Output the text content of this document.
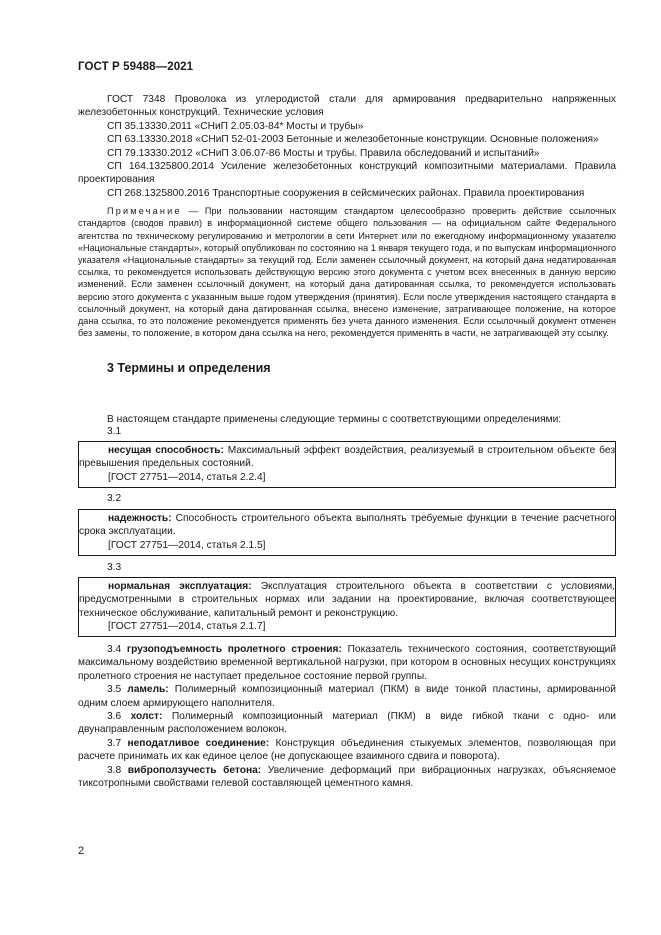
ГОСТ Р 59488—2021

ГОСТ 7348 Проволока из углеродистой стали для армирования предварительно напряженных железобетонных конструкций. Технические условия

СП 35.13330.2011 «СНиП 2.05.03-84* Мосты и трубы»

СП 63.13330.2018 «СНиП 52-01-2003 Бетонные и железобетонные конструкции. Основные положения»

СП 79.13330.2012 «СНиП 3.06.07-86 Мосты и трубы. Правила обследований и испытаний»

СП 164.1325800.2014 Усиление железобетонных конструкций композитными материалами. Правила проектирования

СП 268.1325800.2016 Транспортные сооружения в сейсмических районах. Правила проектирования

Примечание — При пользовании настоящим стандартом целесообразно проверить действие ссылочных стандартов (сводов правил) в информационной системе общего пользования — на официальном сайте Федерального агентства по техническому регулированию и метрологии в сети Интернет или по ежегодному информационному указателю «Национальные стандарты», который опубликован по состоянию на 1 января текущего года, и по выпускам информационного указателя «Национальные стандарты» за текущий год. Если заменен ссылочный документ, на который дана недатированная ссылка, то рекомендуется использовать действующую версию этого документа с учетом всех внесенных в данную версию изменений. Если заменен ссылочный документ, на который дана датированная ссылка, то рекомендуется использовать версию этого документа с указанным выше годом утверждения (принятия). Если после утверждения настоящего стандарта в ссылочный документ, на который дана датированная ссылка, внесено изменение, затрагивающее положение, на которое дана ссылка, то это положение рекомендуется применять без учета данного изменения. Если ссылочный документ отменен без замены, то положение, в котором дана ссылка на него, рекомендуется применять в части, не затрагивающей эту ссылку.

3 Термины и определения

В настоящем стандарте применены следующие термины с соответствующими определениями:

3.1

несущая способность: Максимальный эффект воздействия, реализуемый в строительном объекте без превышения предельных состояний.

[ГОСТ 27751—2014, статья 2.2.4]

3.2

надежность: Способность строительного объекта выполнять требуемые функции в течение расчетного срока эксплуатации.

[ГОСТ 27751—2014, статья 2.1.5]

3.3

нормальная эксплуатация: Эксплуатация строительного объекта в соответствии с условиями, предусмотренными в строительных нормах или задании на проектирование, включая соответствующее техническое обслуживание, капитальный ремонт и реконструкцию.

[ГОСТ 27751—2014, статья 2.1.7]

3.4 грузоподъемность пролетного строения: Показатель технического состояния, соответствующий максимальному воздействию временной вертикальной нагрузки, при котором в основных несущих конструкциях пролетного строения не наступает предельное состояние первой группы.

3.5 ламель: Полимерный композиционный материал (ПКМ) в виде тонкой пластины, армированной одним слоем армирующего наполнителя.

3.6 холст: Полимерный композиционный материал (ПКМ) в виде гибкой ткани с одно- или двунаправленным расположением волокон.

3.7 неподатливое соединение: Конструкция объединения стыкуемых элементов, позволяющая при расчете принимать их как единое целое (не допускающее взаимного сдвига и поворота).

3.8 виброползучесть бетона: Увеличение деформаций при вибрационных нагрузках, объясняемое тиксотропными свойствами гелевой составляющей цементного камня.

2
